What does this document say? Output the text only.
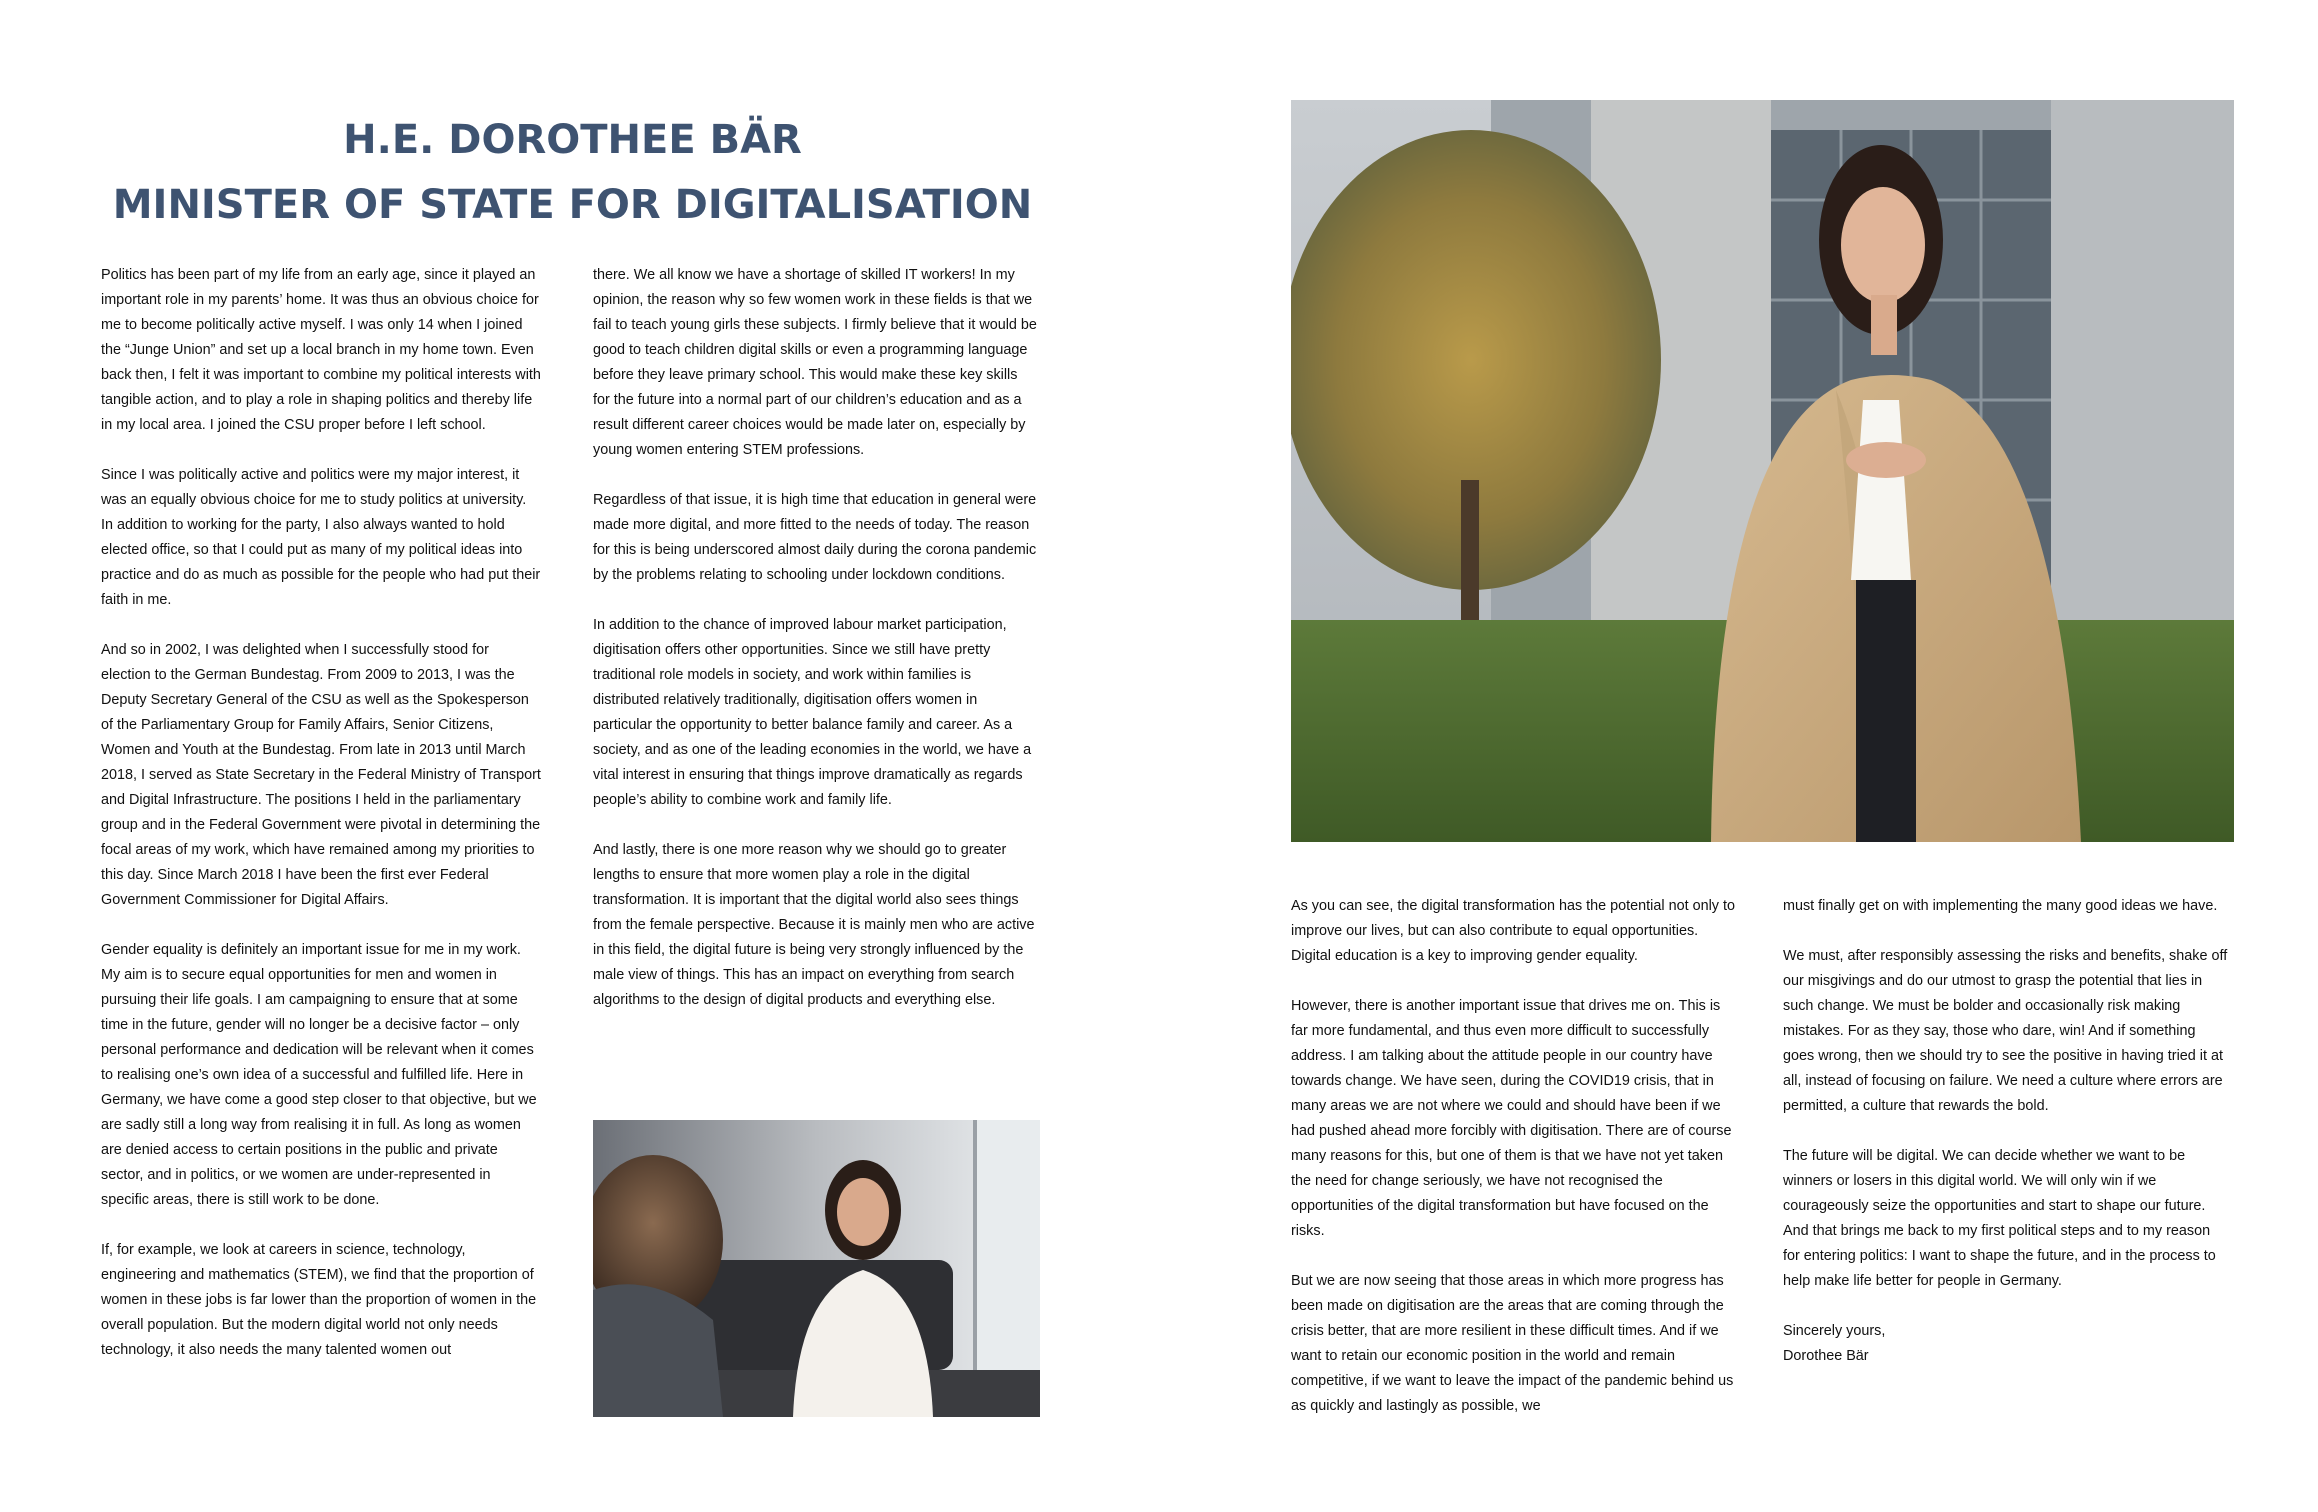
H.E. DOROTHEE BÄR
MINISTER OF STATE FOR DIGITALISATION

Politics has been part of my life from an early age, since it played an important role in my parents’ home. It was thus an obvious choice for me to become politically active myself. I was only 14 when I joined the “Junge Union” and set up a local branch in my home town. Even back then, I felt it was important to combine my political interests with tangible action, and to play a role in shaping politics and thereby life in my local area. I joined the CSU proper before I left school.

Since I was politically active and politics were my major interest, it was an equally obvious choice for me to study politics at university. In addition to working for the party, I also always wanted to hold elected office, so that I could put as many of my political ideas into practice and do as much as possible for the people who had put their faith in me.

And so in 2002, I was delighted when I successfully stood for election to the German Bundestag. From 2009 to 2013, I was the Deputy Secretary General of the CSU as well as the Spokesperson of the Parliamentary Group for Family Affairs, Senior Citizens, Women and Youth at the Bundestag. From late in 2013 until March 2018, I served as State Secretary in the Federal Ministry of Transport and Digital Infrastructure. The positions I held in the parliamentary group and in the Federal Government were pivotal in determining the focal areas of my work, which have remained among my priorities to this day. Since March 2018 I have been the first ever Federal Government Commissioner for Digital Affairs.

Gender equality is definitely an important issue for me in my work. My aim is to secure equal opportunities for men and women in pursuing their life goals. I am campaigning to ensure that at some time in the future, gender will no longer be a decisive factor – only personal performance and dedication will be relevant when it comes to realising one’s own idea of a successful and fulfilled life. Here in Germany, we have come a good step closer to that objective, but we are sadly still a long way from realising it in full. As long as women are denied access to certain positions in the public and private sector, and in politics, or we women are under-represented in specific areas, there is still work to be done.

If, for example, we look at careers in science, technology, engineering and mathematics (STEM), we find that the proportion of women in these jobs is far lower than the proportion of women in the overall population. But the modern digital world not only needs technology, it also needs the many talented women out

there. We all know we have a shortage of skilled IT workers! In my opinion, the reason why so few women work in these fields is that we fail to teach young girls these subjects. I firmly believe that it would be good to teach children digital skills or even a programming language before they leave primary school. This would make these key skills for the future into a normal part of our children’s education and as a result different career choices would be made later on, especially by young women entering STEM professions.

Regardless of that issue, it is high time that education in general were made more digital, and more fitted to the needs of today. The reason for this is being underscored almost daily during the corona pandemic by the problems relating to schooling under lockdown conditions.

In addition to the chance of improved labour market participation, digitisation offers other opportunities. Since we still have pretty traditional role models in society, and work within families is distributed relatively traditionally, digitisation offers women in particular the opportunity to better balance family and career. As a society, and as one of the leading economies in the world, we have a vital interest in ensuring that things improve dramatically as regards people’s ability to combine work and family life.

And lastly, there is one more reason why we should go to greater lengths to ensure that more women play a role in the digital transformation. It is important that the digital world also sees things from the female perspective. Because it is mainly men who are active in this field, the digital future is being very strongly influenced by the male view of things. This has an impact on everything from search algorithms to the design of digital products and everything else.

As you can see, the digital transformation has the potential not only to improve our lives, but can also contribute to equal opportunities. Digital education is a key to improving gender equality.

However, there is another important issue that drives me on. This is far more fundamental, and thus even more difficult to successfully address. I am talking about the attitude people in our country have towards change. We have seen, during the COVID19 crisis, that in many areas we are not where we could and should have been if we had pushed ahead more forcibly with digitisation. There are of course many reasons for this, but one of them is that we have not yet taken the need for change seriously, we have not recognised the opportunities of the digital transformation but have focused on the risks.

But we are now seeing that those areas in which more progress has been made on digitisation are the areas that are coming through the crisis better, that are more resilient in these difficult times. And if we want to retain our economic position in the world and remain competitive, if we want to leave the impact of the pandemic behind us as quickly and lastingly as possible, we

must finally get on with implementing the many good ideas we have.

We must, after responsibly assessing the risks and benefits, shake off our misgivings and do our utmost to grasp the potential that lies in such change. We must be bolder and occasionally risk making mistakes. For as they say, those who dare, win! And if something goes wrong, then we should try to see the positive in having tried it at all, instead of focusing on failure. We need a culture where errors are permitted, a culture that rewards the bold.

The future will be digital. We can decide whether we want to be winners or losers in this digital world. We will only win if we courageously seize the opportunities and start to shape our future. And that brings me back to my first political steps and to my reason for entering politics: I want to shape the future, and in the process to help make life better for people in Germany.

Sincerely yours,
Dorothee Bär
